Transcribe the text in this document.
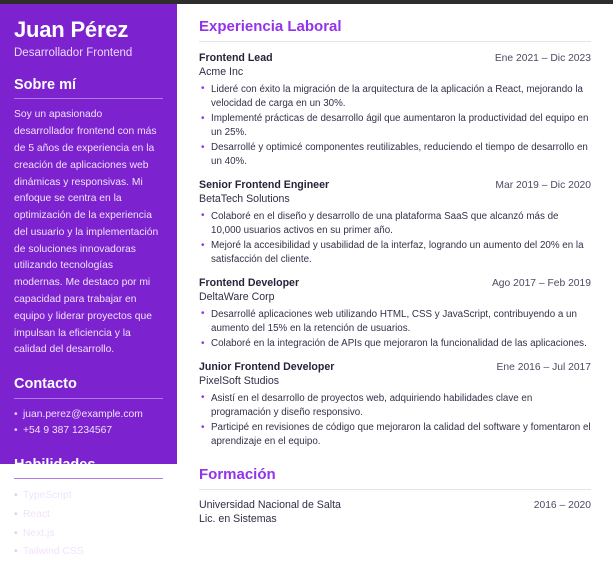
Juan Pérez
Desarrollador Frontend
Sobre mí

Soy un apasionado desarrollador frontend con más de 5 años de experiencia en la creación de aplicaciones web dinámicas y responsivas. Mi enfoque se centra en la optimización de la experiencia del usuario y la implementación de soluciones innovadoras utilizando tecnologías modernas. Me destaco por mi capacidad para trabajar en equipo y liderar proyectos que impulsan la eficiencia y la calidad del desarrollo.

Contacto
• juan.perez@example.com
• +54 9 387 1234567
Habilidades
• TypeScript
• React
• Next.js
• Tailwind CSS
Experiencia Laboral
Frontend Lead	Ene 2021 – Dic 2023
Acme Inc
• Lideré con éxito la migración de la arquitectura de la aplicación a React, mejorando la velocidad de carga en un 30%.
• Implementé prácticas de desarrollo ágil que aumentaron la productividad del equipo en un 25%.
• Desarrollé y optimicé componentes reutilizables, reduciendo el tiempo de desarrollo en un 40%.
Senior Frontend Engineer	Mar 2019 – Dic 2020
BetaTech Solutions
• Colaboré en el diseño y desarrollo de una plataforma SaaS que alcanzó más de 10,000 usuarios activos en su primer año.
• Mejoré la accesibilidad y usabilidad de la interfaz, logrando un aumento del 20% en la satisfacción del cliente.
Frontend Developer	Ago 2017 – Feb 2019
DeltaWare Corp
• Desarrollé aplicaciones web utilizando HTML, CSS y JavaScript, contribuyendo a un aumento del 15% en la retención de usuarios.
• Colaboré en la integración de APIs que mejoraron la funcionalidad de las aplicaciones.
Junior Frontend Developer	Ene 2016 – Jul 2017
PixelSoft Studios
• Asistí en el desarrollo de proyectos web, adquiriendo habilidades clave en programación y diseño responsivo.
• Participé en revisiones de código que mejoraron la calidad del software y fomentaron el aprendizaje en el equipo.
Formación
Universidad Nacional de Salta	2016 – 2020
Lic. en Sistemas
